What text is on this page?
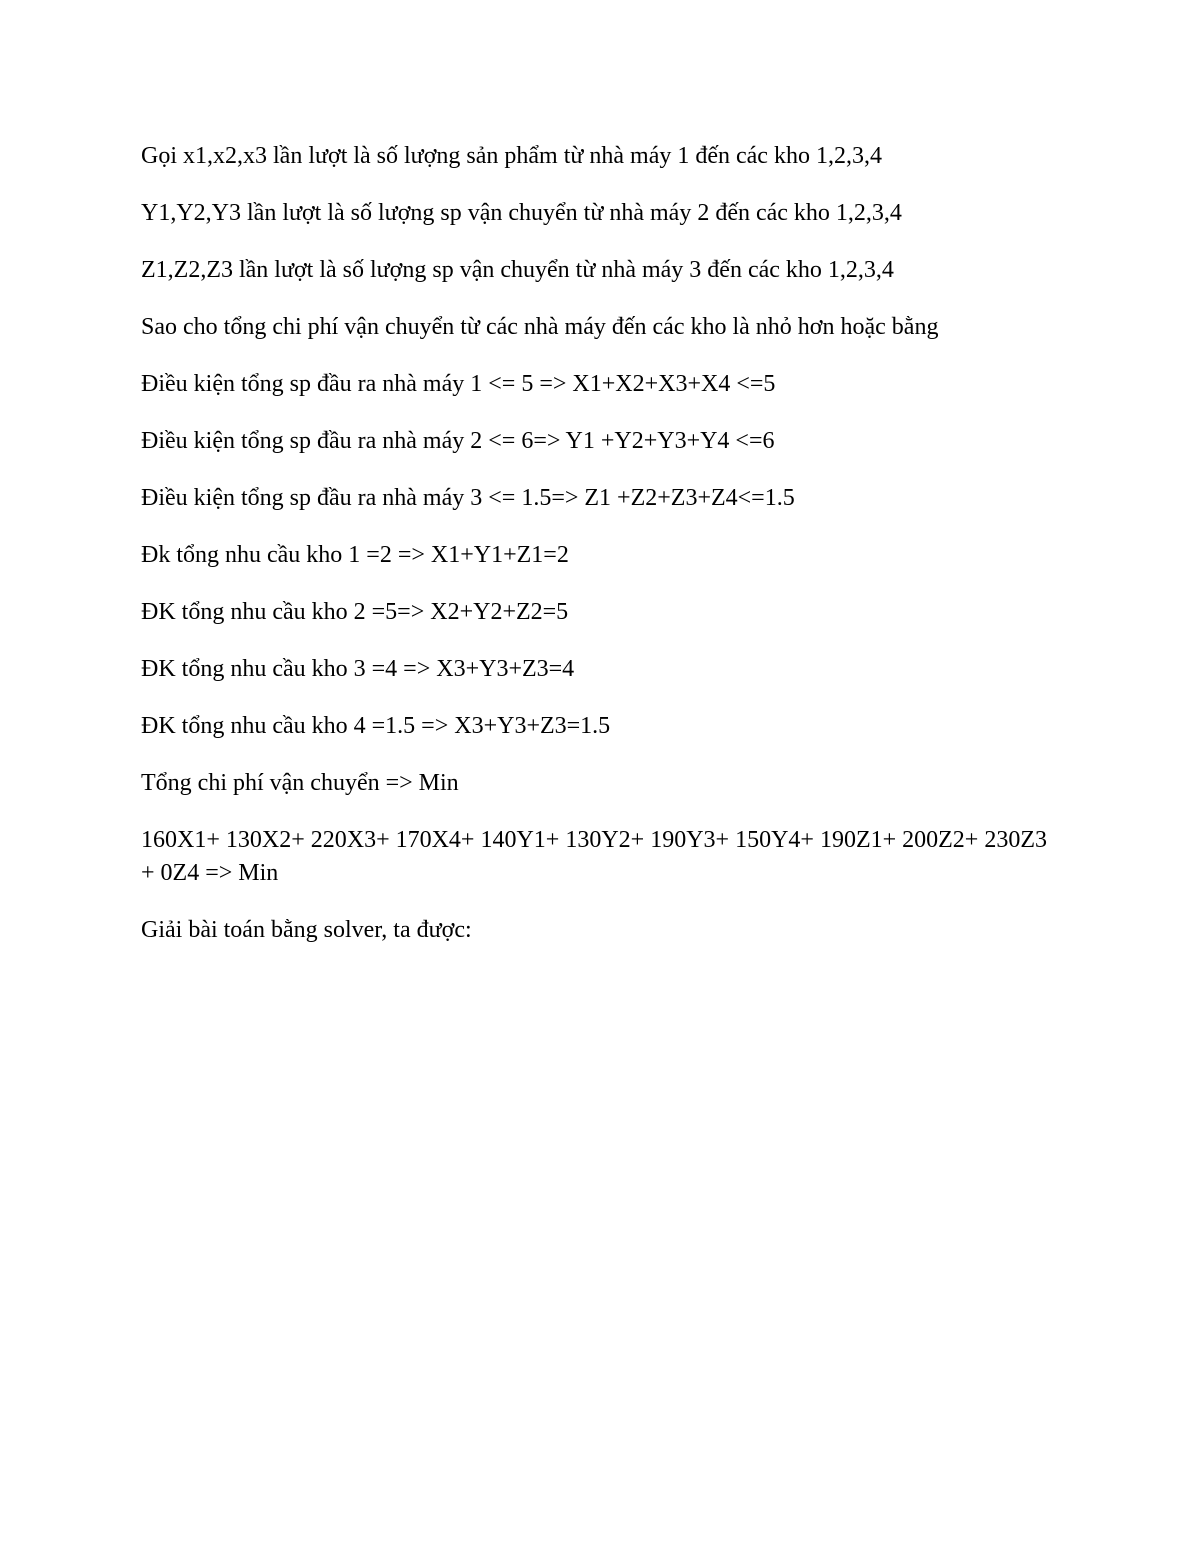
Gọi x1,x2,x3 lần lượt là số lượng sản phẩm từ nhà máy 1 đến các kho 1,2,3,4

Y1,Y2,Y3 lần lượt là số lượng sp vận chuyển từ nhà máy 2 đến các kho 1,2,3,4

Z1,Z2,Z3 lần lượt là số lượng sp vận chuyển từ nhà máy 3 đến các kho 1,2,3,4

Sao cho tổng chi phí vận chuyển từ các nhà máy đến các kho là nhỏ hơn hoặc bằng

Điều kiện tổng sp đầu ra nhà máy 1 <= 5 => X1+X2+X3+X4 <=5

Điều kiện tổng sp đầu ra nhà máy 2 <= 6=> Y1 +Y2+Y3+Y4 <=6

Điều kiện tổng sp đầu ra nhà máy 3 <= 1.5=> Z1 +Z2+Z3+Z4<=1.5

Đk tổng nhu cầu kho 1 =2 => X1+Y1+Z1=2

ĐK tổng nhu cầu kho 2 =5=> X2+Y2+Z2=5

ĐK tổng nhu cầu kho 3 =4 => X3+Y3+Z3=4

ĐK tổng nhu cầu kho 4 =1.5 => X3+Y3+Z3=1.5

Tổng chi phí vận chuyển => Min

160X1+ 130X2+ 220X3+ 170X4+ 140Y1+ 130Y2+ 190Y3+ 150Y4+ 190Z1+ 200Z2+ 230Z3 + 0Z4 => Min

Giải bài toán bằng solver, ta được:
